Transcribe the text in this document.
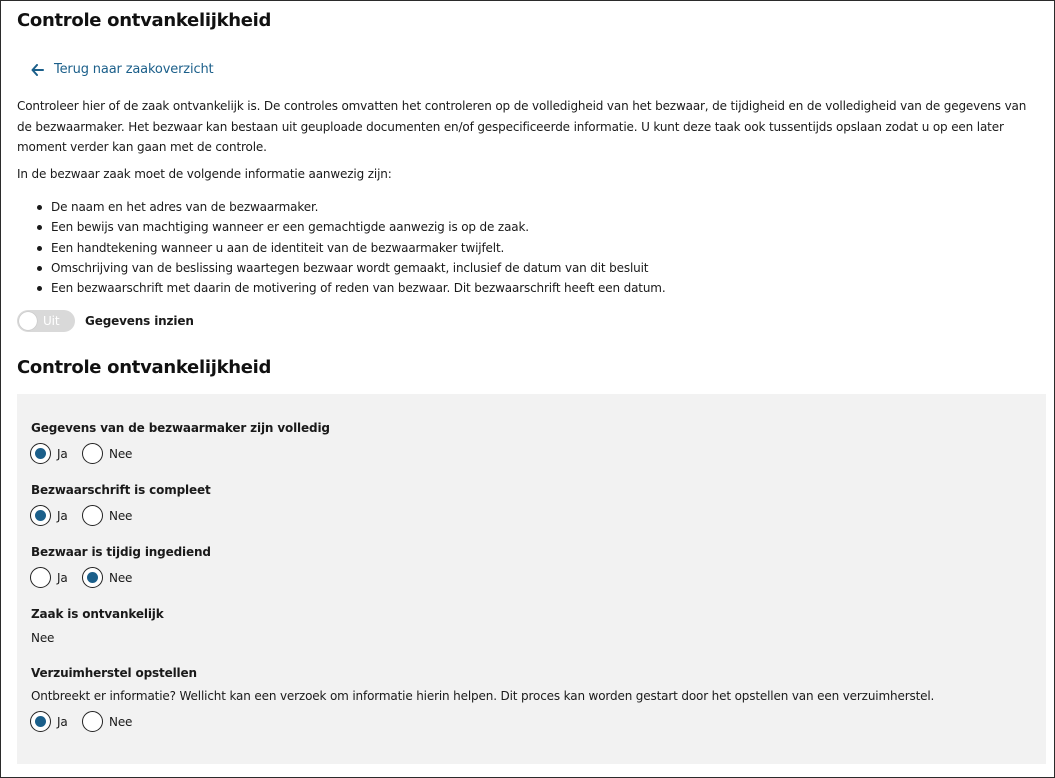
Controle ontvankelijkheid
Terug naar zaakoverzicht

Controleer hier of de zaak ontvankelijk is. De controles omvatten het controleren op de volledigheid van het bezwaar, de tijdigheid en de volledigheid van de gegevens van de bezwaarmaker. Het bezwaar kan bestaan uit geuploade documenten en/of gespecificeerde informatie. U kunt deze taak ook tussentijds opslaan zodat u op een later moment verder kan gaan met de controle.

In de bezwaar zaak moet de volgende informatie aanwezig zijn:

De naam en het adres van de bezwaarmaker.
Een bewijs van machtiging wanneer er een gemachtigde aanwezig is op de zaak.
Een handtekening wanneer u aan de identiteit van de bezwaarmaker twijfelt.
Omschrijving van de beslissing waartegen bezwaar wordt gemaakt, inclusief de datum van dit besluit
Een bezwaarschrift met daarin de motivering of reden van bezwaar. Dit bezwaarschrift heeft een datum.
Uit Gegevens inzien
Controle ontvankelijkheid
Gegevens van de bezwaarmaker zijn volledig
Ja	Nee
Bezwaarschrift is compleet
Ja	Nee
Bezwaar is tijdig ingediend
Ja	Nee
Zaak is ontvankelijk
Nee
Verzuimherstel opstellen
Ontbreekt er informatie? Wellicht kan een verzoek om informatie hierin helpen. Dit proces kan worden gestart door het opstellen van een verzuimherstel.
Ja	Nee
